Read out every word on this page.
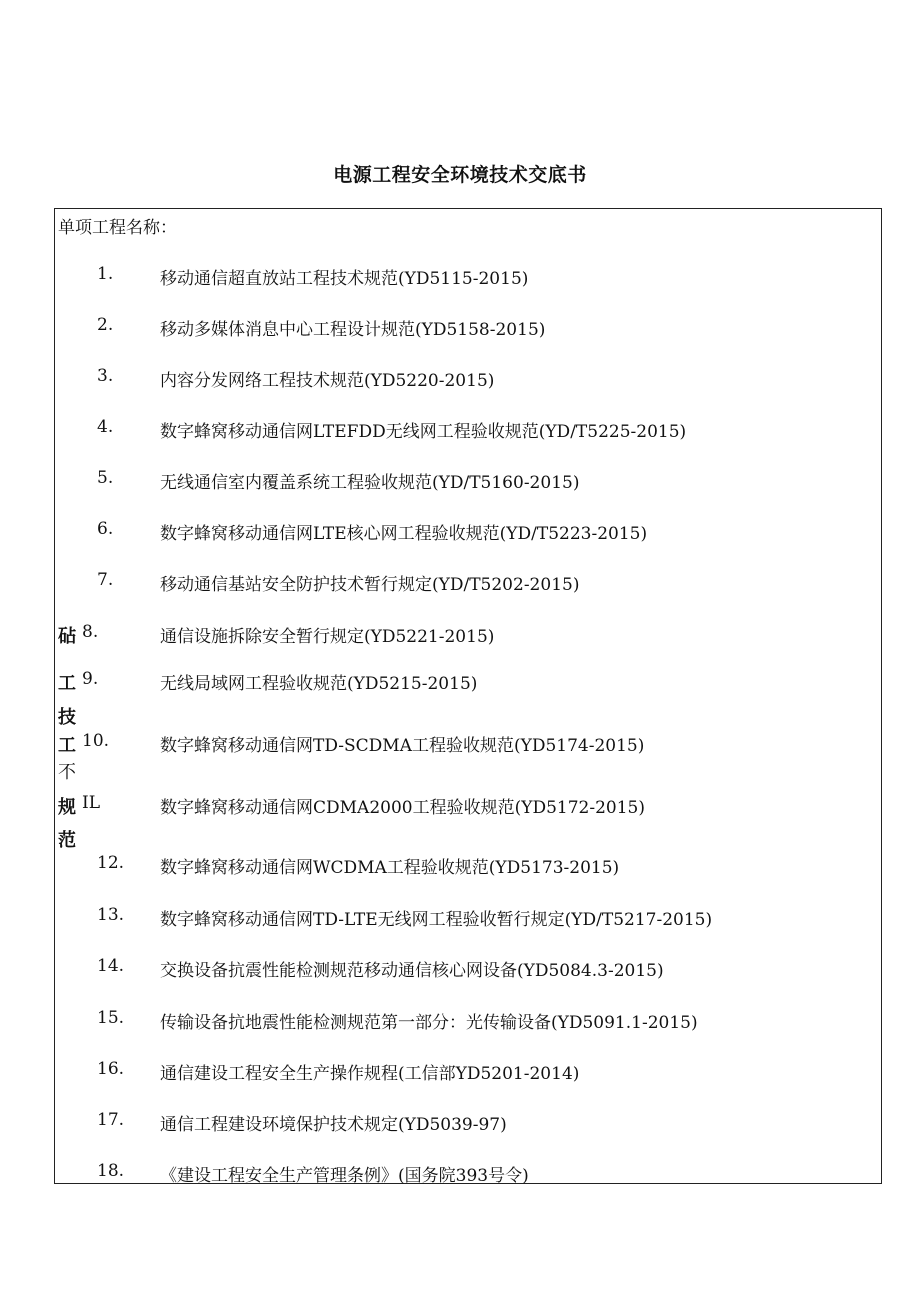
电源工程安全环境技术交底书
单项工程名称：
砧
工
技
工
不
规
范
1.	移动通信超直放站工程技术规范(YD5115-2015)
2.	移动多媒体消息中心工程设计规范(YD5158-2015)
3.	内容分发网络工程技术规范(YD5220-2015)
4.	数字蜂窝移动通信网LTEFDD无线网工程验收规范(YD/T5225-2015)
5.	无线通信室内覆盖系统工程验收规范(YD/T5160-2015)
6.	数字蜂窝移动通信网LTE核心网工程验收规范(YD/T5223-2015)
7.	移动通信基站安全防护技术暂行规定(YD/T5202-2015)
8.	通信设施拆除安全暂行规定(YD5221-2015)
9.	无线局域网工程验收规范(YD5215-2015)
10.	数字蜂窝移动通信网TD-SCDMA工程验收规范(YD5174-2015)
IL	数字蜂窝移动通信网CDMA2000工程验收规范(YD5172-2015)
12. 数字蜂窝移动通信网WCDMA工程验收规范(YD5173-2015)
13. 数字蜂窝移动通信网TD-LTE无线网工程验收暂行规定(YD/T5217-2015)
14. 交换设备抗震性能检测规范移动通信核心网设备(YD5084.3-2015)
15. 传输设备抗地震性能检测规范第一部分：光传输设备(YD5091.1-2015)
16. 通信建设工程安全生产操作规程(工信部YD5201-2014)
17. 通信工程建设环境保护技术规定(YD5039-97)
18. 《建设工程安全生产管理条例》(国务院393号令)
